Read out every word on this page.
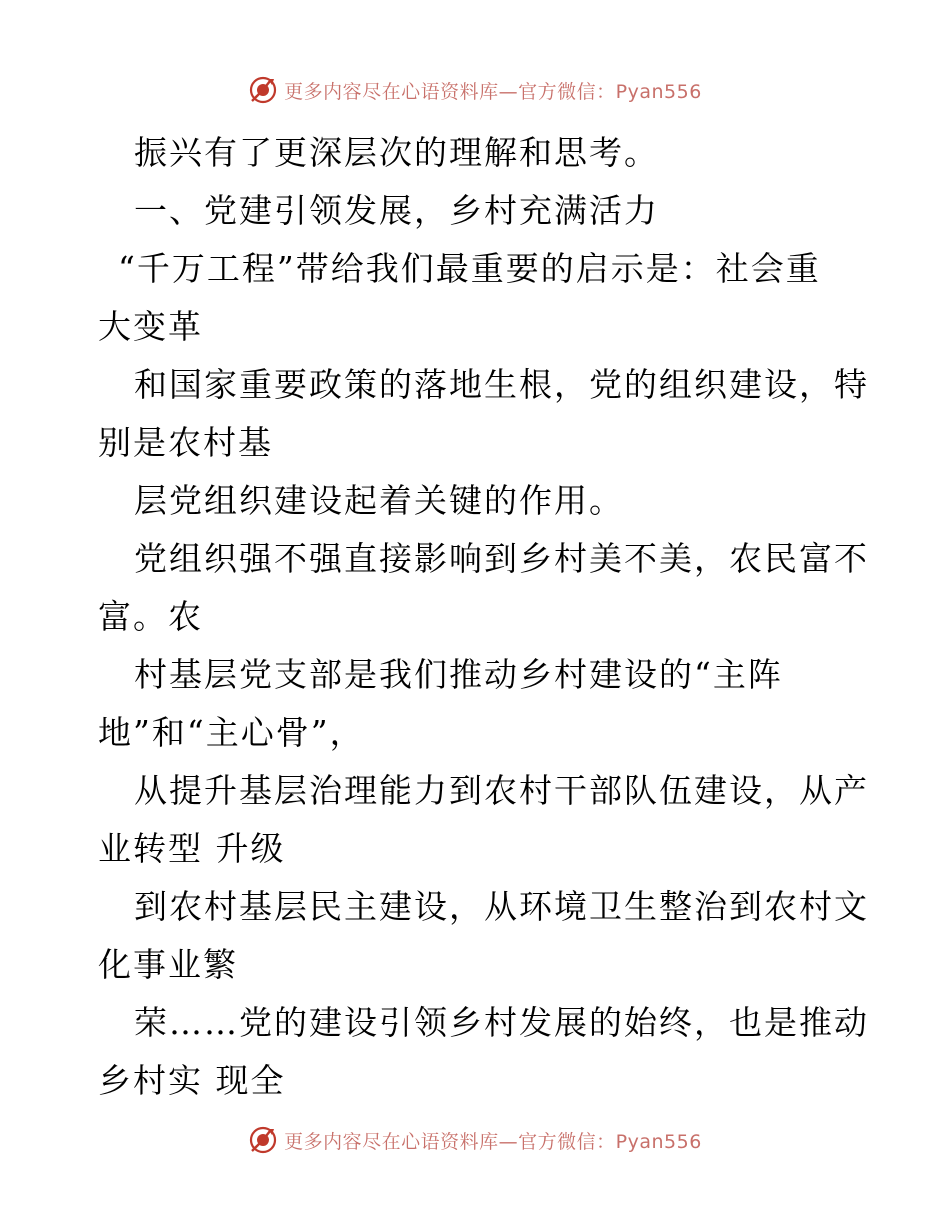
更多内容尽在心语资料库—官方微信：Pyan556
振兴有了更深层次的理解和思考。
一、党建引领发展，乡村充满活力
“千万工程”带给我们最重要的启示是：社会重
大变革
和国家重要政策的落地生根，党的组织建设，特
别是农村基
层党组织建设起着关键的作用。
党组织强不强直接影响到乡村美不美，农民富不
富。农
村基层党支部是我们推动乡村建设的“主阵
地”和“主心骨”，
从提升基层治理能力到农村干部队伍建设，从产
业转型 升级
到农村基层民主建设，从环境卫生整治到农村文
化事业繁
荣……党的建设引领乡村发展的始终，也是推动
乡村实 现全
更多内容尽在心语资料库—官方微信：Pyan556
